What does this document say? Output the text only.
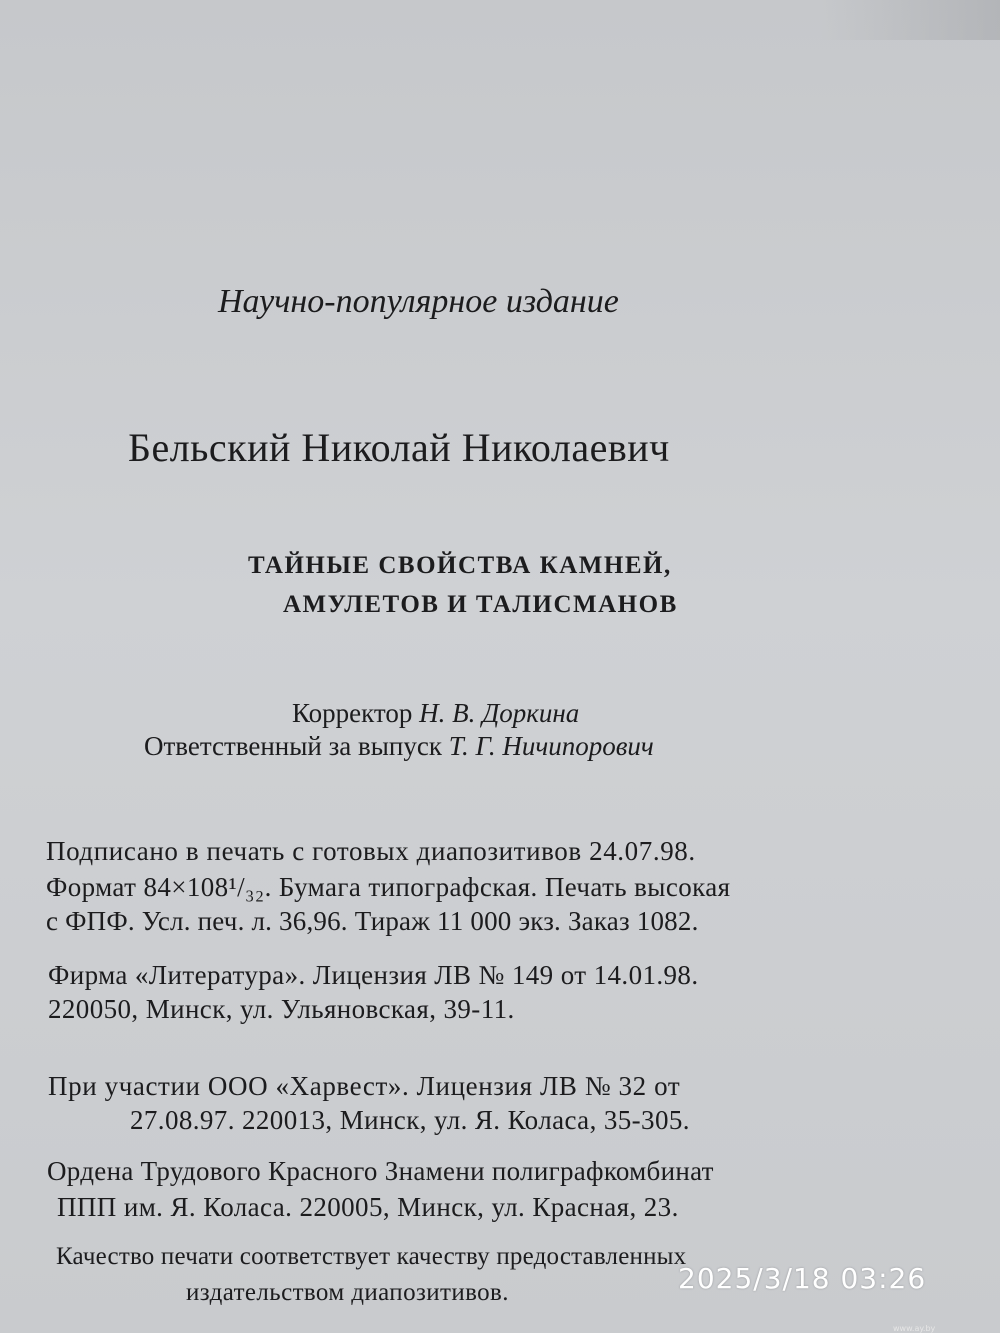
Научно-популярное издание
Бельский Николай Николаевич
ТАЙНЫЕ СВОЙСТВА КАМНЕЙ,
АМУЛЕТОВ И ТАЛИСМАНОВ
Корректор Н. В. Доркина
Ответственный за выпуск Т. Г. Ничипорович
Подписано в печать с готовых диапозитивов 24.07.98.
Формат 84×108¹/₃₂. Бумага типографская. Печать высокая
с ФПФ. Усл. печ. л. 36,96. Тираж 11 000 экз. Заказ 1082.
Фирма «Литература». Лицензия ЛВ № 149 от 14.01.98.
220050, Минск, ул. Ульяновская, 39-11.
При участии ООО «Харвест». Лицензия ЛВ № 32 от
27.08.97. 220013, Минск, ул. Я. Коласа, 35-305.
Ордена Трудового Красного Знамени полиграфкомбинат
ППП им. Я. Коласа. 220005, Минск, ул. Красная, 23.
Качество печати соответствует качеству предоставленных
издательством диапозитивов.	2025/3/18 03:26
www.ay.by
